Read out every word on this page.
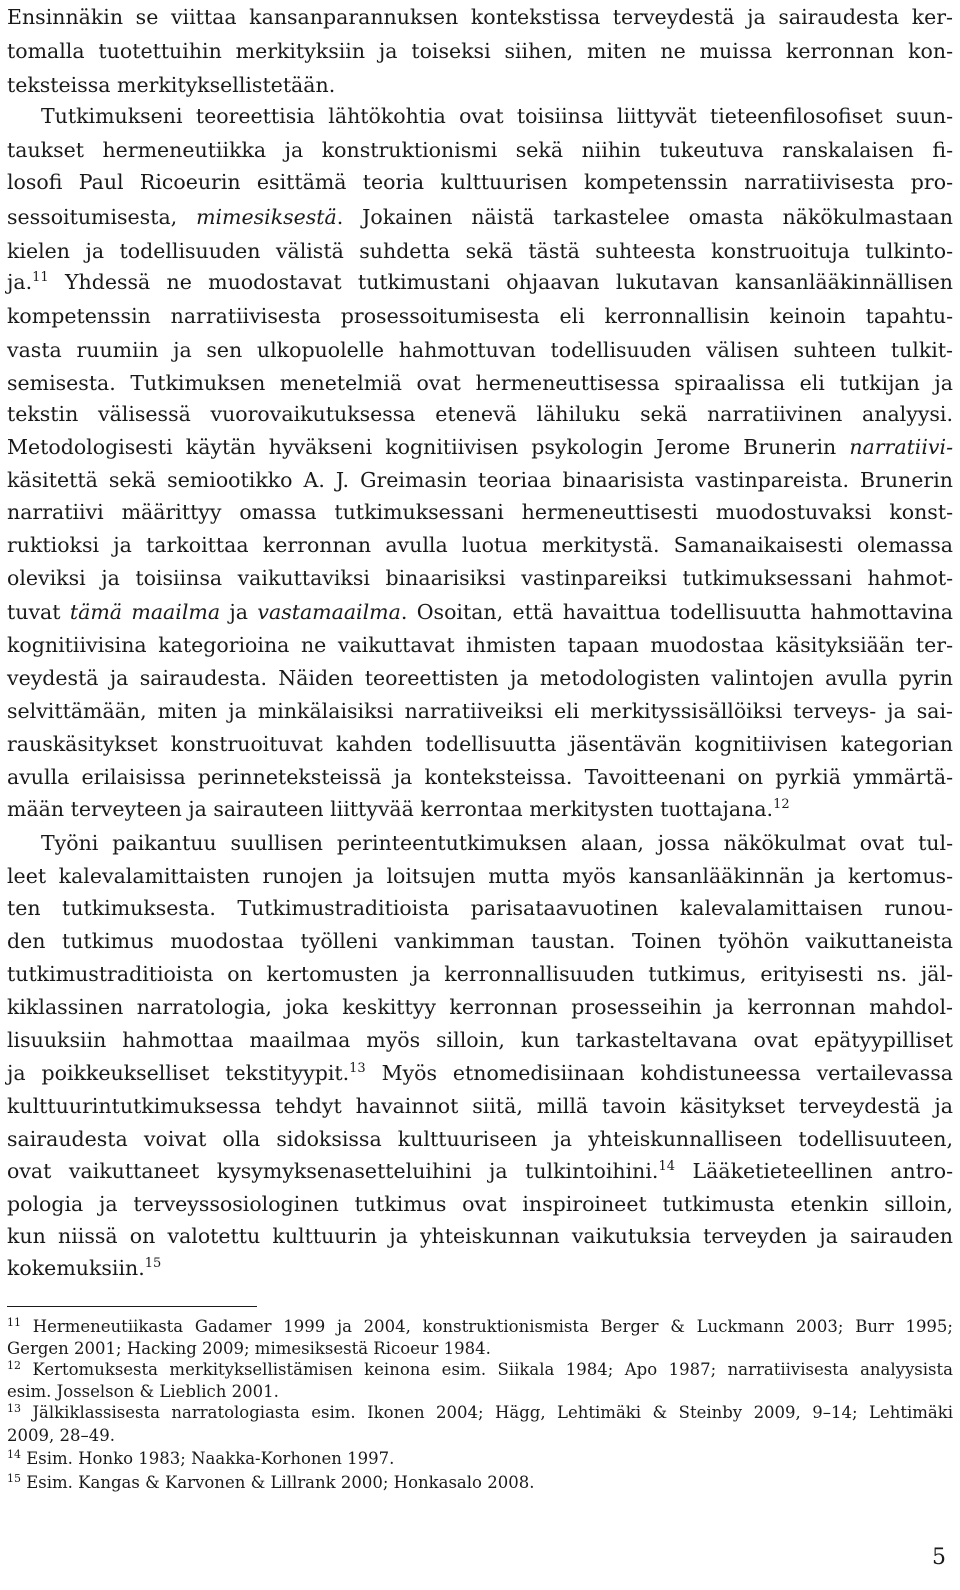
Ensinnäkin se viittaa kansanparannuksen kontekstissa terveydestä ja sairaudesta ker-
tomalla tuotettuihin merkityksiin ja toiseksi siihen, miten ne muissa kerronnan kon-
teksteissa merkityksellistetään.
Tutkimukseni teoreettisia lähtökohtia ovat toisiinsa liittyvät tieteenfilosofiset suun-
taukset hermeneutiikka ja konstruktionismi sekä niihin tukeutuva ranskalaisen fi-
losofi Paul Ricoeurin esittämä teoria kulttuurisen kompetenssin narratiivisesta pro-
sessoitumisesta, mimesiksestä. Jokainen näistä tarkastelee omasta näkökulmastaan
kielen ja todellisuuden välistä suhdetta sekä tästä suhteesta konstruoituja tulkinto-
ja.$^{11}$ Yhdessä ne muodostavat tutkimustani ohjaavan lukutavan kansanlääkinnällisen
kompetenssin narratiivisesta prosessoitumisesta eli kerronnallisin keinoin tapahtu-
vasta ruumiin ja sen ulkopuolelle hahmottuvan todellisuuden välisen suhteen tulkit-
semisesta. Tutkimuksen menetelmiä ovat hermeneuttisessa spiraalissa eli tutkijan ja
tekstin välisessä vuorovaikutuksessa etenevä lähiluku sekä narratiivinen analyysi.
Metodologisesti käytän hyväkseni kognitiivisen psykologin Jerome Brunerin narratiivi-
käsitettä sekä semiootikko A. J. Greimasin teoriaa binaarisista vastinpareista. Brunerin
narratiivi määrittyy omassa tutkimuksessani hermeneuttisesti muodostuvaksi konst-
ruktioksi ja tarkoittaa kerronnan avulla luotua merkitystä. Samanaikaisesti olemassa
oleviksi ja toisiinsa vaikuttaviksi binaarisiksi vastinpareiksi tutkimuksessani hahmot-
tuvat tämä maailma ja vastamaailma. Osoitan, että havaittua todellisuutta hahmottavina
kognitiivisina kategorioina ne vaikuttavat ihmisten tapaan muodostaa käsityksiään ter-
veydestä ja sairaudesta. Näiden teoreettisten ja metodologisten valintojen avulla pyrin
selvittämään, miten ja minkälaisiksi narratiiveiksi eli merkityssisällöiksi terveys- ja sai-
rauskäsitykset konstruoituvat kahden todellisuutta jäsentävän kognitiivisen kategorian
avulla erilaisissa perinneteksteissä ja konteksteissa. Tavoitteenani on pyrkiä ymmärtä-
mään terveyteen ja sairauteen liittyvää kerrontaa merkitysten tuottajana.$^{12}$
Työni paikantuu suullisen perinteentutkimuksen alaan, jossa näkökulmat ovat tul-
leet kalevalamittaisten runojen ja loitsujen mutta myös kansanlääkinnän ja kertomus-
ten tutkimuksesta. Tutkimustraditioista parisataavuotinen kalevalamittaisen runou-
den tutkimus muodostaa työlleni vankimman taustan. Toinen työhön vaikuttaneista
tutkimustraditioista on kertomusten ja kerronnallisuuden tutkimus, erityisesti ns. jäl-
kiklassinen narratologia, joka keskittyy kerronnan prosesseihin ja kerronnan mahdol-
lisuuksiin hahmottaa maailmaa myös silloin, kun tarkasteltavana ovat epätyypilliset
ja poikkeukselliset tekstityypit.$^{13}$ Myös etnomedisiinaan kohdistuneessa vertailevassa
kulttuurintutkimuksessa tehdyt havainnot siitä, millä tavoin käsitykset terveydestä ja
sairaudesta voivat olla sidoksissa kulttuuriseen ja yhteiskunnalliseen todellisuuteen,
ovat vaikuttaneet kysymyksenasetteluihini ja tulkintoihini.$^{14}$ Lääketieteellinen antro-
pologia ja terveyssosiologinen tutkimus ovat inspiroineet tutkimusta etenkin silloin,
kun niissä on valotettu kulttuurin ja yhteiskunnan vaikutuksia terveyden ja sairauden
kokemuksiin.$^{15}$
$^{11}$ Hermeneutiikasta Gadamer 1999 ja 2004, konstruktionismista Berger & Luckmann 2003; Burr 1995;
Gergen 2001; Hacking 2009; mimesiksestä Ricoeur 1984.
$^{12}$ Kertomuksesta merkityksellistämisen keinona esim. Siikala 1984; Apo 1987; narratiivisesta analyysista
esim. Josselson & Lieblich 2001.
$^{13}$ Jälkiklassisesta narratologiasta esim. Ikonen 2004; Hägg, Lehtimäki & Steinby 2009, 9–14; Lehtimäki
2009, 28–49.
$^{14}$ Esim. Honko 1983; Naakka-Korhonen 1997.
$^{15}$ Esim. Kangas & Karvonen & Lillrank 2000; Honkasalo 2008.
5
